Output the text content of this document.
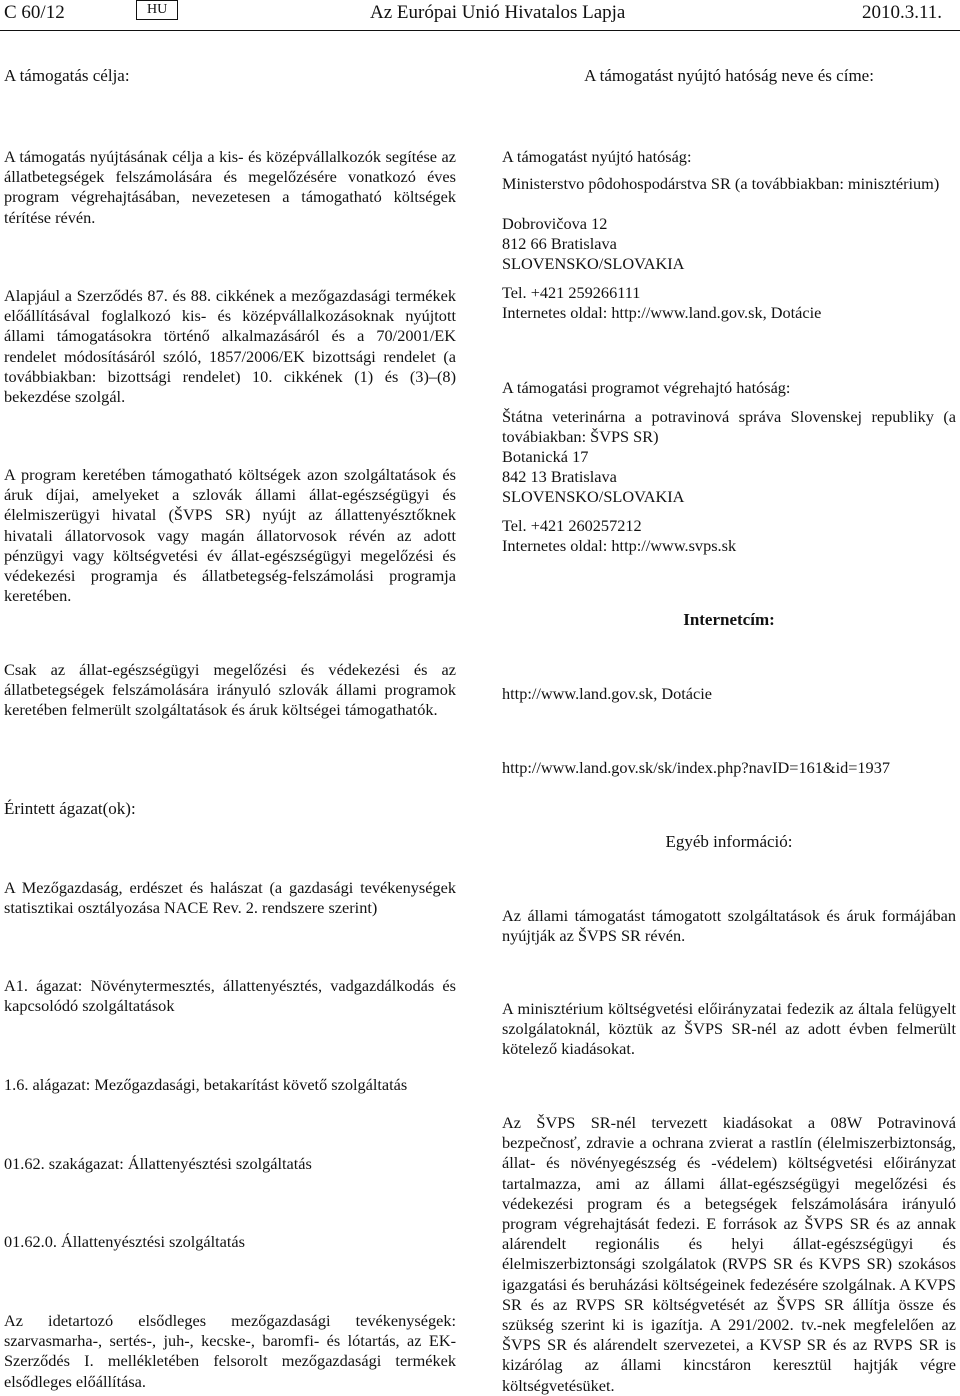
C 60/12	HU	Az Európai Unió Hivatalos Lapja	2010.3.11.
A támogatás célja:
A támogatás nyújtásának célja a kis- és középvállalkozók segítése az állatbetegségek felszámolására és megelőzésére vonatkozó éves program végrehajtásában, nevezetesen a támogatható költségek térítése révén.
Alapjául a Szerződés 87. és 88. cikkének a mezőgazdasági termékek előállításával foglalkozó kis- és középvállalkozásoknak nyújtott állami támogatásokra történő alkalmazásáról és a 70/2001/EK rendelet módosításáról szóló, 1857/2006/EK bizottsági rendelet (a továbbiakban: bizottsági rendelet) 10. cikkének (1) és (3)–(8) bekezdése szolgál.
A program keretében támogatható költségek azon szolgáltatások és áruk díjai, amelyeket a szlovák állami állat-egészségügyi és élelmiszerügyi hivatal (ŠVPS SR) nyújt az állattenyésztőknek hivatali állatorvosok vagy magán állatorvosok révén az adott pénzügyi vagy költségvetési év állat-egészségügyi megelőzési és védekezési programja és állatbetegség-felszámolási programja keretében.
Csak az állat-egészségügyi megelőzési és védekezési és az állatbetegségek felszámolására irányuló szlovák állami programok keretében felmerült szolgáltatások és áruk költségei támogathatók.
Érintett ágazat(ok):
A Mezőgazdaság, erdészet és halászat (a gazdasági tevékenységek statisztikai osztályozása NACE Rev. 2. rendszere szerint)
A1. ágazat: Növénytermesztés, állattenyésztés, vadgazdálkodás és kapcsolódó szolgáltatások
1.6. alágazat: Mezőgazdasági, betakarítást követő szolgáltatás
01.62. szakágazat: Állattenyésztési szolgáltatás
01.62.0. Állattenyésztési szolgáltatás
Az idetartozó elsődleges mezőgazdasági tevékenységek: szarvasmarha-, sertés-, juh-, kecske-, baromfi- és lótartás, az EK-Szerződés I. mellékletében felsorolt mezőgazdasági termékek elsődleges előállítása.
A támogatást nyújtó hatóság neve és címe:
A támogatást nyújtó hatóság:
Ministerstvo pôdohospodárstva SR (a továbbiakban: minisztérium)
Dobrovičova 12
812 66 Bratislava
SLOVENSKO/SLOVAKIA
Tel. +421 259266111
Internetes oldal: http://www.land.gov.sk, Dotácie
A támogatási programot végrehajtó hatóság:
Štátna veterinárna a potravinová správa Slovenskej republiky (a továbiakban: ŠVPS SR)
Botanická 17
842 13 Bratislava
SLOVENSKO/SLOVAKIA
Tel. +421 260257212
Internetes oldal: http://www.svps.sk
Internetcím:
http://www.land.gov.sk, Dotácie
http://www.land.gov.sk/sk/index.php?navID=161&id=1937
Egyéb információ:
Az állami támogatást támogatott szolgáltatások és áruk formájában nyújtják az ŠVPS SR révén.
A minisztérium költségvetési előirányzatai fedezik az általa felügyelt szolgálatoknál, köztük az ŠVPS SR-nél az adott évben felmerült kötelező kiadásokat.
Az ŠVPS SR-nél tervezett kiadásokat a 08W Potravinová bezpečnosť, zdravie a ochrana zvierat a rastlín (élelmiszerbiztonság, állat- és növényegészség és -védelem) költségvetési előirányzat tartalmazza, ami az állami állat-egészségügyi megelőzési és védekezési program és a betegségek felszámolására irányuló program végrehajtását fedezi. E források az ŠVPS SR és az annak alárendelt regionális és helyi állat-egészségügyi és élelmiszerbiztonsági szolgálatok (RVPS SR és KVPS SR) szokásos igazgatási és beruházási költségeinek fedezésére szolgálnak. A KVPS SR és az RVPS SR költségvetését az ŠVPS SR állítja össze és szükség szerint ki is igazítja. A 291/2002. tv.-nek megfelelően az ŠVPS SR és alárendelt szervezetei, a KVSP SR és az RVPS SR is kizárólag az állami kincstáron keresztül hajtják végre költségvetésüket.
